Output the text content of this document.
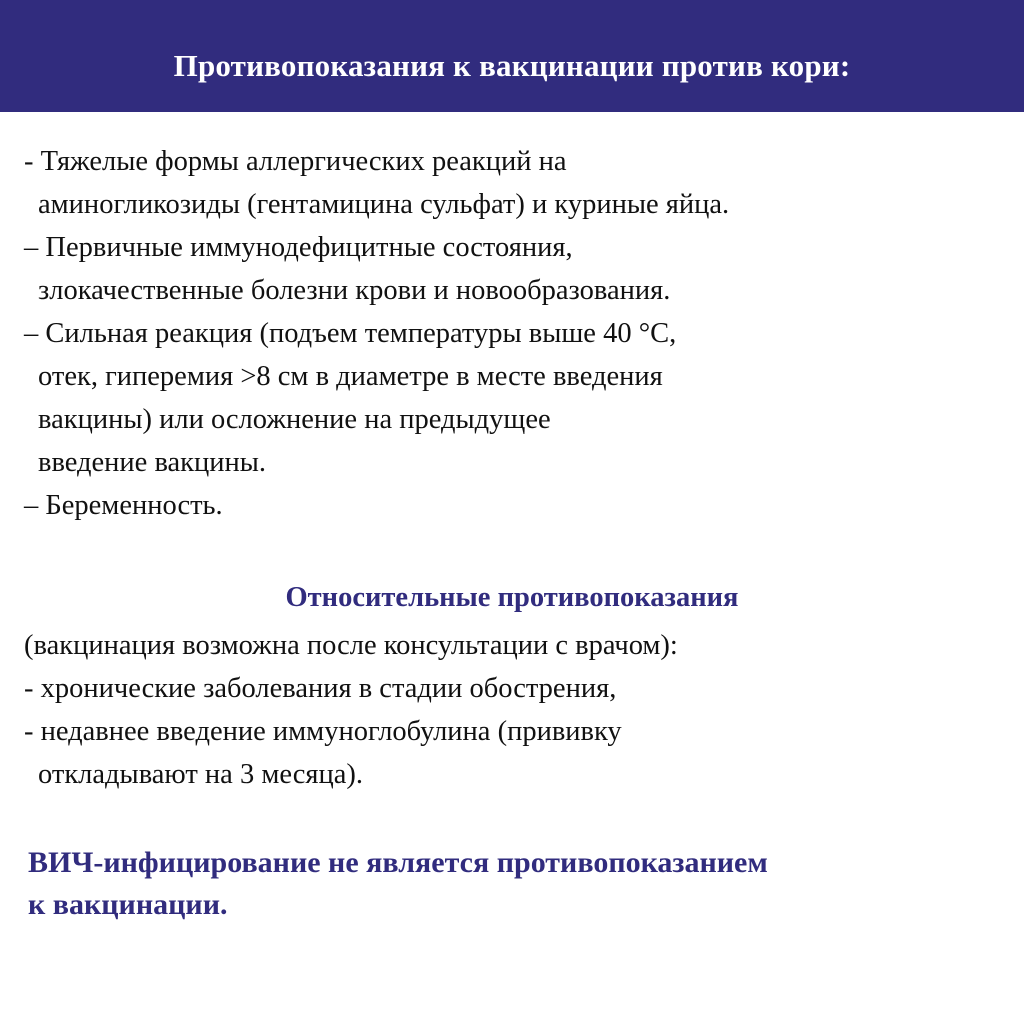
Противопоказания к вакцинации против кори:
- Тяжелые формы аллергических реакций на
аминогликозиды (гентамицина сульфат) и куриные яйца.
– Первичные иммунодефицитные состояния,
злокачественные болезни крови и новообразования.
– Сильная реакция (подъем температуры выше 40 °С,
отек, гиперемия >8 см в диаметре в месте введения
вакцины) или осложнение на предыдущее
введение вакцины.
– Беременность.
Относительные противопоказания
(вакцинация возможна после консультации с врачом):
- хронические заболевания в стадии обострения,
- недавнее введение иммуноглобулина (прививку
откладывают на 3 месяца).
ВИЧ-инфицирование не является противопоказанием
к вакцинации.
